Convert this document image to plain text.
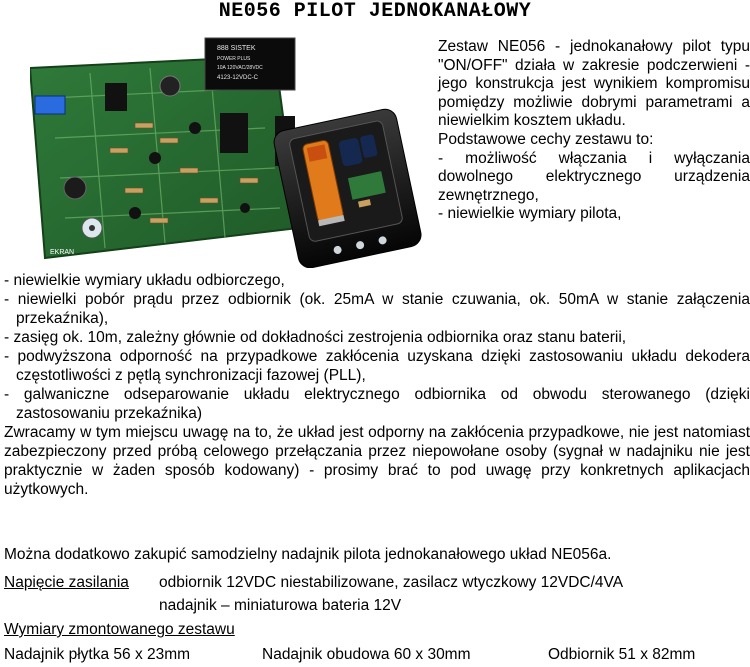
NE056 PILOT JEDNOKANAŁOWY
888 SISTEK
POWER PLUS
10A 120VAC/28VDC
4123-12VDC-C
EKRAN

Zestaw NE056 - jednokanałowy pilot typu "ON/OFF" działa w zakresie podczerwieni - jego konstrukcja jest wynikiem kompromisu pomiędzy możliwie dobrymi parametrami a niewielkim kosztem układu.

Podstawowe cechy zestawu to:

- możliwość włączania i wyłączania dowolnego elektrycznego urządzenia zewnętrznego,

- niewielkie wymiary pilota,

- niewielkie wymiary układu odbiorczego,

- niewielki pobór prądu przez odbiornik (ok. 25mA w stanie czuwania, ok. 50mA w stanie załączenia przekaźnika),

- zasięg ok. 10m, zależny głównie od dokładności zestrojenia odbiornika oraz stanu baterii,

- podwyższona odporność na przypadkowe zakłócenia uzyskana dzięki zastosowaniu układu dekodera częstotliwości z pętlą synchronizacji fazowej (PLL),

- galwaniczne odseparowanie układu elektrycznego odbiornika od obwodu sterowanego (dzięki zastosowaniu przekaźnika)

Zwracamy w tym miejscu uwagę na to, że układ jest odporny na zakłócenia przypadkowe, nie jest natomiast zabezpieczony przed próbą celowego przełączania przez niepowołane osoby (sygnał w nadajniku nie jest praktycznie w żaden sposób kodowany) - prosimy brać to pod uwagę przy konkretnych aplikacjach użytkowych.

Można dodatkowo zakupić samodzielny nadajnik pilota jednokanałowego układ NE056a.
Napięcie zasilania odbiornik 12VDC niestabilizowane, zasilacz wtyczkowy 12VDC/4VA
nadajnik – miniaturowa bateria 12V
Wymiary zmontowanego zestawu
Nadajnik płytka 56 x 23mm	Nadajnik obudowa 60 x 30mm	Odbiornik 51 x 82mm
